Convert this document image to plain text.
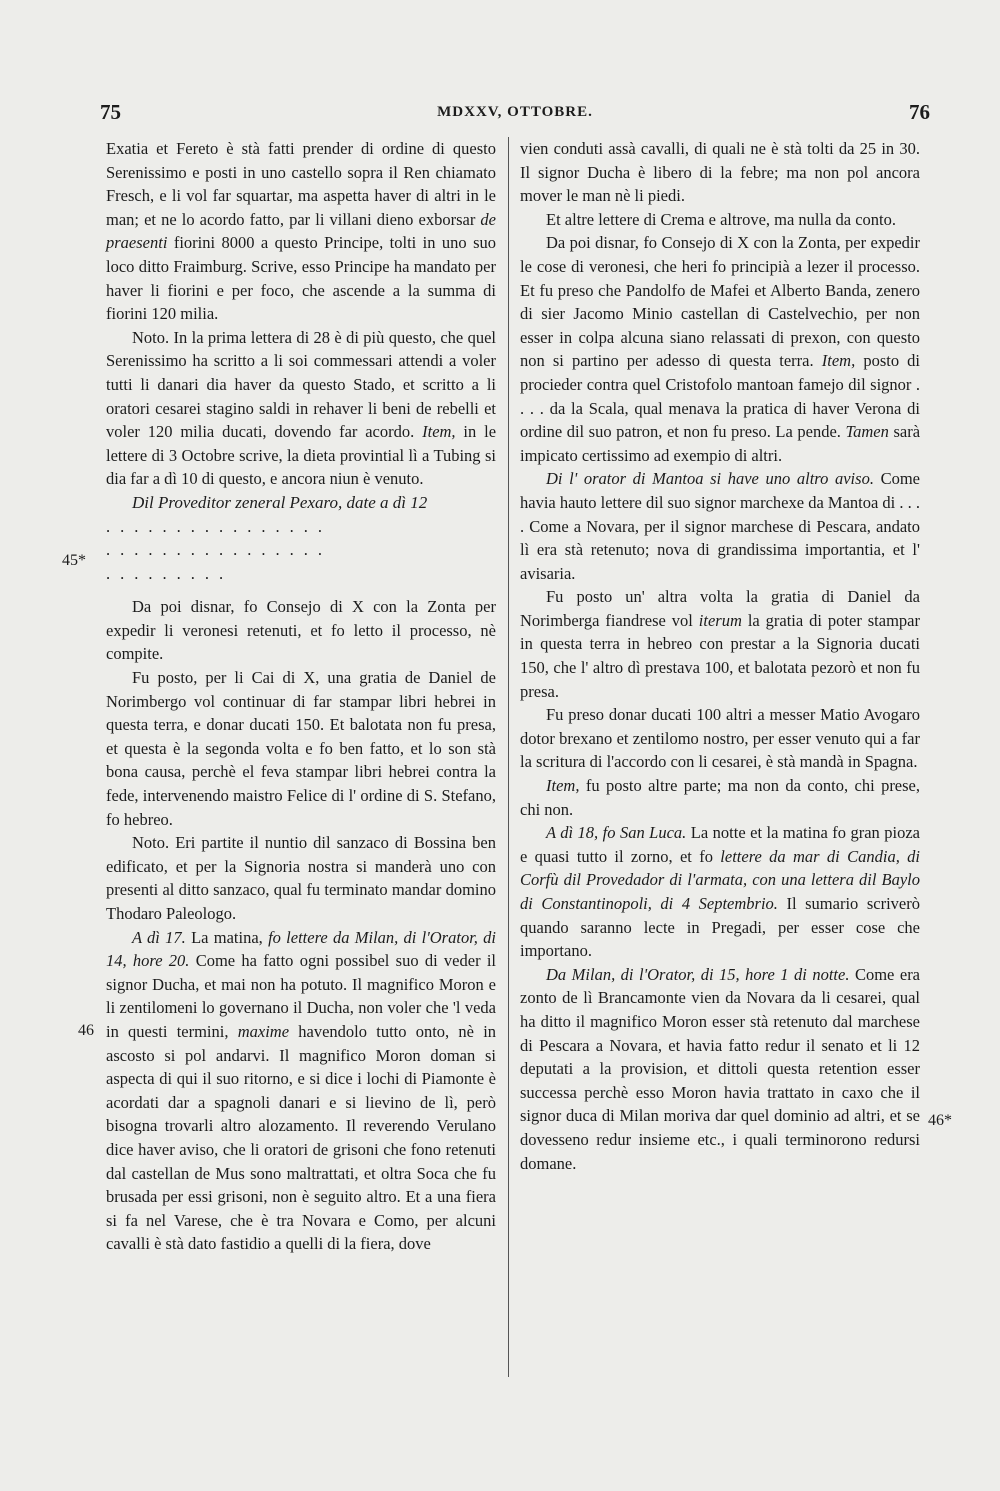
75	MDXXV, OTTOBRE.	76
45*
46
46*

Exatia et Fereto è stà fatti prender di ordine di questo Serenissimo e posti in uno castello sopra il Ren chiamato Fresch, e li vol far squartar, ma aspetta haver di altri in le man; et ne lo acordo fatto, par li villani dieno exborsar de praesenti fiorini 8000 a questo Principe, tolti in uno suo loco ditto Fraimburg. Scrive, esso Principe ha mandato per haver li fiorini e per foco, che ascende a la summa di fiorini 120 milia.

Noto. In la prima lettera di 28 è di più questo, che quel Serenissimo ha scritto a li soi commessari attendi a voler tutti li danari dia haver da questo Stado, et scritto a li oratori cesarei stagino saldi in rehaver li beni de rebelli et voler 120 milia ducati, dovendo far acordo. Item, in le lettere di 3 Octobre scrive, la dieta provintial lì a Tubing si dia far a dì 10 di questo, e ancora niun è venuto.

Dil Proveditor zeneral Pexaro, date a dì 12

................

................

.........

Da poi disnar, fo Consejo di X con la Zonta per expedir li veronesi retenuti, et fo letto il processo, nè compite.

Fu posto, per li Cai di X, una gratia de Daniel de Norimbergo vol continuar di far stampar libri hebrei in questa terra, e donar ducati 150. Et balotata non fu presa, et questa è la segonda volta e fo ben fatto, et lo son stà bona causa, perchè el feva stampar libri hebrei contra la fede, intervenendo maistro Felice di l' ordine di S. Stefano, fo hebreo.

Noto. Eri partite il nuntio dil sanzaco di Bossina ben edificato, et per la Signoria nostra si manderà uno con presenti al ditto sanzaco, qual fu terminato mandar domino Thodaro Paleologo.

A dì 17. La matina, fo lettere da Milan, di l'Orator, di 14, hore 20. Come ha fatto ogni possibel suo di veder il signor Ducha, et mai non ha potuto. Il magnifico Moron e li zentilomeni lo governano il Ducha, non voler che 'l veda in questi termini, maxime havendolo tutto onto, nè in ascosto si pol andarvi. Il magnifico Moron doman si aspecta di qui il suo ritorno, e si dice i lochi di Piamonte è acordati dar a spagnoli danari e si lievino de lì, però bisogna trovarli altro alozamento. Il reverendo Verulano dice haver aviso, che li oratori de grisoni che fono retenuti dal castellan de Mus sono maltrattati, et oltra Soca che fu brusada per essi grisoni, non è seguito altro. Et a una fiera si fa nel Varese, che è tra Novara e Como, per alcuni cavalli è stà dato fastidio a quelli di la fiera, dove

vien conduti assà cavalli, di quali ne è stà tolti da 25 in 30. Il signor Ducha è libero di la febre; ma non pol ancora mover le man nè li piedi.

Et altre lettere di Crema e altrove, ma nulla da conto.

Da poi disnar, fo Consejo di X con la Zonta, per expedir le cose di veronesi, che heri fo principià a lezer il processo. Et fu preso che Pandolfo de Mafei et Alberto Banda, zenero di sier Jacomo Minio castellan di Castelvechio, per non esser in colpa alcuna siano relassati di prexon, con questo non si partino per adesso di questa terra. Item, posto di procieder contra quel Cristofolo mantoan famejo dil signor . . . . da la Scala, qual menava la pratica di haver Verona di ordine dil suo patron, et non fu preso. La pende. Tamen sarà impicato certissimo ad exempio di altri.

Di l' orator di Mantoa si have uno altro aviso. Come havia hauto lettere dil suo signor marchexe da Mantoa di . . . . Come a Novara, per il signor marchese di Pescara, andato lì era stà retenuto; nova di grandissima importantia, et l' avisaria.

Fu posto un' altra volta la gratia di Daniel da Norimberga fiandrese vol iterum la gratia di poter stampar in questa terra in hebreo con prestar a la Signoria ducati 150, che l' altro dì prestava 100, et balotata pezorò et non fu presa.

Fu preso donar ducati 100 altri a messer Matio Avogaro dotor brexano et zentilomo nostro, per esser venuto qui a far la scritura di l'accordo con li cesarei, è stà mandà in Spagna.

Item, fu posto altre parte; ma non da conto, chi prese, chi non.

A dì 18, fo San Luca. La notte et la matina fo gran pioza e quasi tutto il zorno, et fo lettere da mar di Candia, di Corfù dil Provedador di l'armata, con una lettera dil Baylo di Constantinopoli, di 4 Septembrio. Il sumario scriverò quando saranno lecte in Pregadi, per esser cose che importano.

Da Milan, di l'Orator, di 15, hore 1 di notte. Come era zonto de lì Brancamonte vien da Novara da li cesarei, qual ha ditto il magnifico Moron esser stà retenuto dal marchese di Pescara a Novara, et havia fatto redur il senato et li 12 deputati a la provision, et dittoli questa retention esser successa perchè esso Moron havia trattato in caxo che il signor duca di Milan moriva dar quel dominio ad altri, et se dovesseno redur insieme etc., i quali terminorono redursi domane.
